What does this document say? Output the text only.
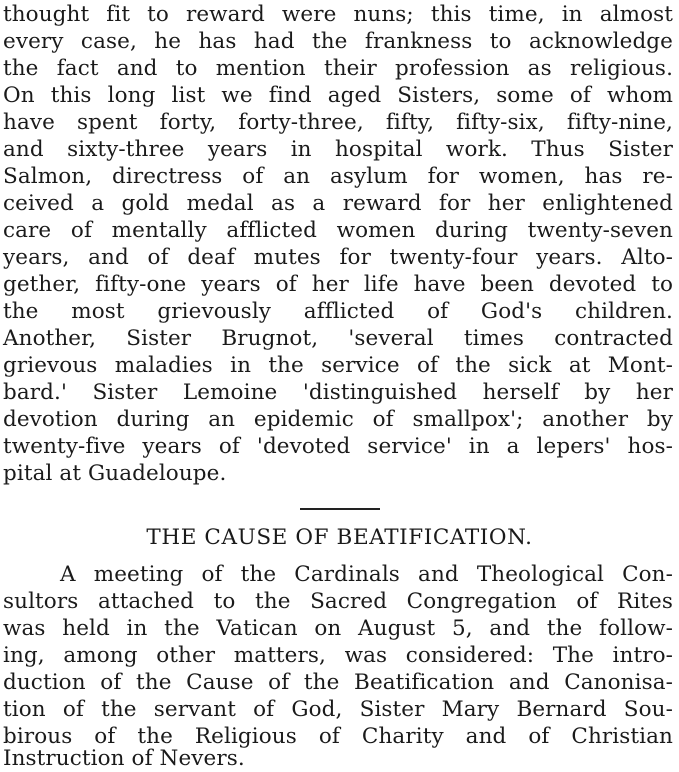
thought fit to reward were nuns; this time, in almost
every case, he has had the frankness to acknowledge
the fact and to mention their profession as religious.
On this long list we find aged Sisters, some of whom
have spent forty, forty-three, fifty, fifty-six, fifty-nine,
and sixty-three years in hospital work. Thus Sister
Salmon, directress of an asylum for women, has re-
ceived a gold medal as a reward for her enlightened
care of mentally afflicted women during twenty-seven
years, and of deaf mutes for twenty-four years. Alto-
gether, fifty-one years of her life have been devoted to
the most grievously afflicted of God's children.
Another, Sister Brugnot, 'several times contracted
grievous maladies in the service of the sick at Mont-
bard.' Sister Lemoine 'distinguished herself by her
devotion during an epidemic of smallpox'; another by
twenty-five years of 'devoted service' in a lepers' hos-
pital at Guadeloupe.
THE CAUSE OF BEATIFICATION.
A meeting of the Cardinals and Theological Con-
sultors attached to the Sacred Congregation of Rites
was held in the Vatican on August 5, and the follow-
ing, among other matters, was considered: The intro-
duction of the Cause of the Beatification and Canonisa-
tion of the servant of God, Sister Mary Bernard Sou-
birous of the Religious of Charity and of Christian
Instruction of Nevers.
